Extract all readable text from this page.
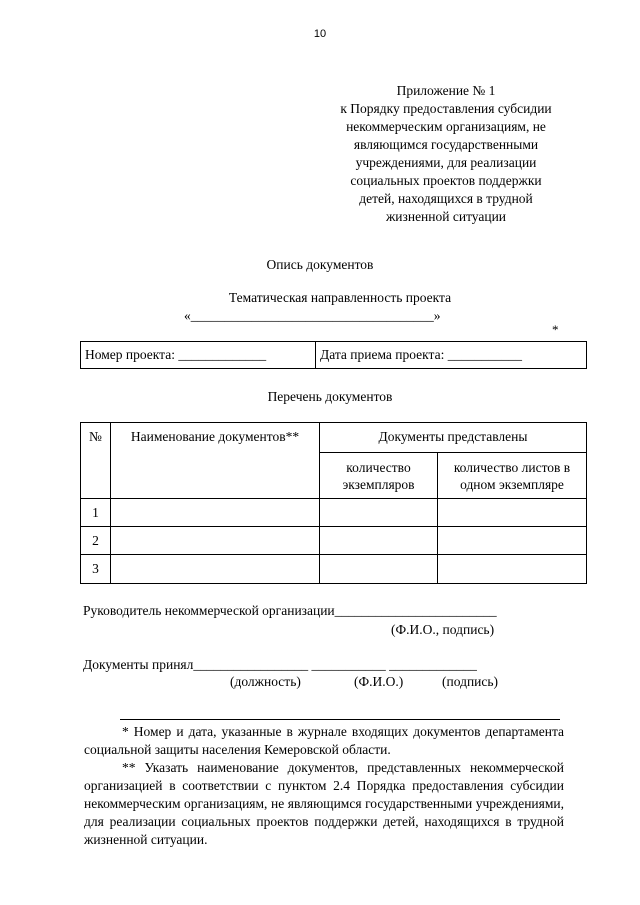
10
Приложение № 1
к Порядку предоставления субсидии
некоммерческим организациям, не
являющимся государственными
учреждениями, для реализации
социальных проектов поддержки
детей, находящихся в трудной
жизненной ситуации
Опись документов
Тематическая направленность проекта
«____________________________________»
*
Номер проекта: _____________	Дата приема проекта: ___________
Перечень документов
№	Наименование документов**	Документы представлены	
		количество экземпляров	количество листов в одном экземпляре
1			
2			
3			
Руководитель некоммерческой организации________________________
(Ф.И.О., подпись)
Документы принял_________________ ___________ _____________
(должность)	(Ф.И.О.)	(подпись)

* Номер и дата, указанные в журнале входящих документов департамента социальной защиты населения Кемеровской области.

** Указать наименование документов, представленных некоммерческой организацией в соответствии с пунктом 2.4 Порядка предоставления субсидии некоммерческим организациям, не являющимся государственными учреждениями, для реализации социальных проектов поддержки детей, находящихся в трудной жизненной ситуации.
